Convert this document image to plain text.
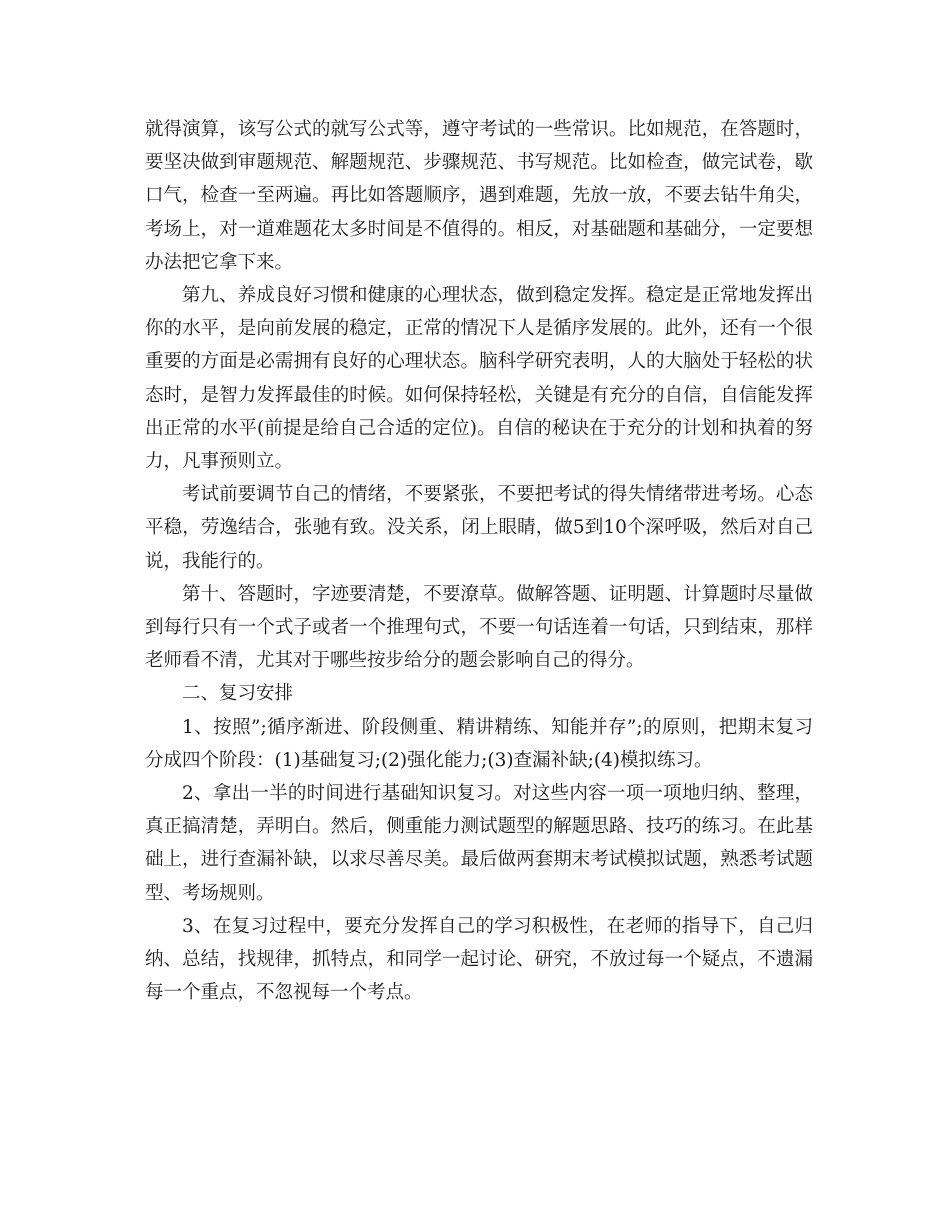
就得演算，该写公式的就写公式等，遵守考试的一些常识。比如规范，在答题时，要坚决做到审题规范、解题规范、步骤规范、书写规范。比如检查，做完试卷，歇口气，检查一至两遍。再比如答题顺序，遇到难题，先放一放，不要去钻牛角尖，考场上，对一道难题花太多时间是不值得的。相反，对基础题和基础分，一定要想办法把它拿下来。

第九、养成良好习惯和健康的心理状态，做到稳定发挥。稳定是正常地发挥出你的水平，是向前发展的稳定，正常的情况下人是循序发展的。此外，还有一个很重要的方面是必需拥有良好的心理状态。脑科学研究表明，人的大脑处于轻松的状态时，是智力发挥最佳的时候。如何保持轻松，关键是有充分的自信，自信能发挥出正常的水平(前提是给自己合适的定位)。自信的秘诀在于充分的计划和执着的努力，凡事预则立。

考试前要调节自己的情绪，不要紧张，不要把考试的得失情绪带进考场。心态平稳，劳逸结合，张驰有致。没关系，闭上眼睛，做5到10个深呼吸，然后对自己说，我能行的。

第十、答题时，字迹要清楚，不要潦草。做解答题、证明题、计算题时尽量做到每行只有一个式子或者一个推理句式，不要一句话连着一句话，只到结束，那样老师看不清，尤其对于哪些按步给分的题会影响自己的得分。

二、复习安排

1、按照”;循序渐进、阶段侧重、精讲精练、知能并存”;的原则，把期末复习分成四个阶段：(1)基础复习;(2)强化能力;(3)查漏补缺;(4)模拟练习。

2、拿出一半的时间进行基础知识复习。对这些内容一项一项地归纳、整理，真正搞清楚，弄明白。然后，侧重能力测试题型的解题思路、技巧的练习。在此基础上，进行查漏补缺，以求尽善尽美。最后做两套期末考试模拟试题，熟悉考试题型、考场规则。

3、在复习过程中，要充分发挥自己的学习积极性，在老师的指导下，自己归纳、总结，找规律，抓特点，和同学一起讨论、研究，不放过每一个疑点，不遗漏每一个重点，不忽视每一个考点。
